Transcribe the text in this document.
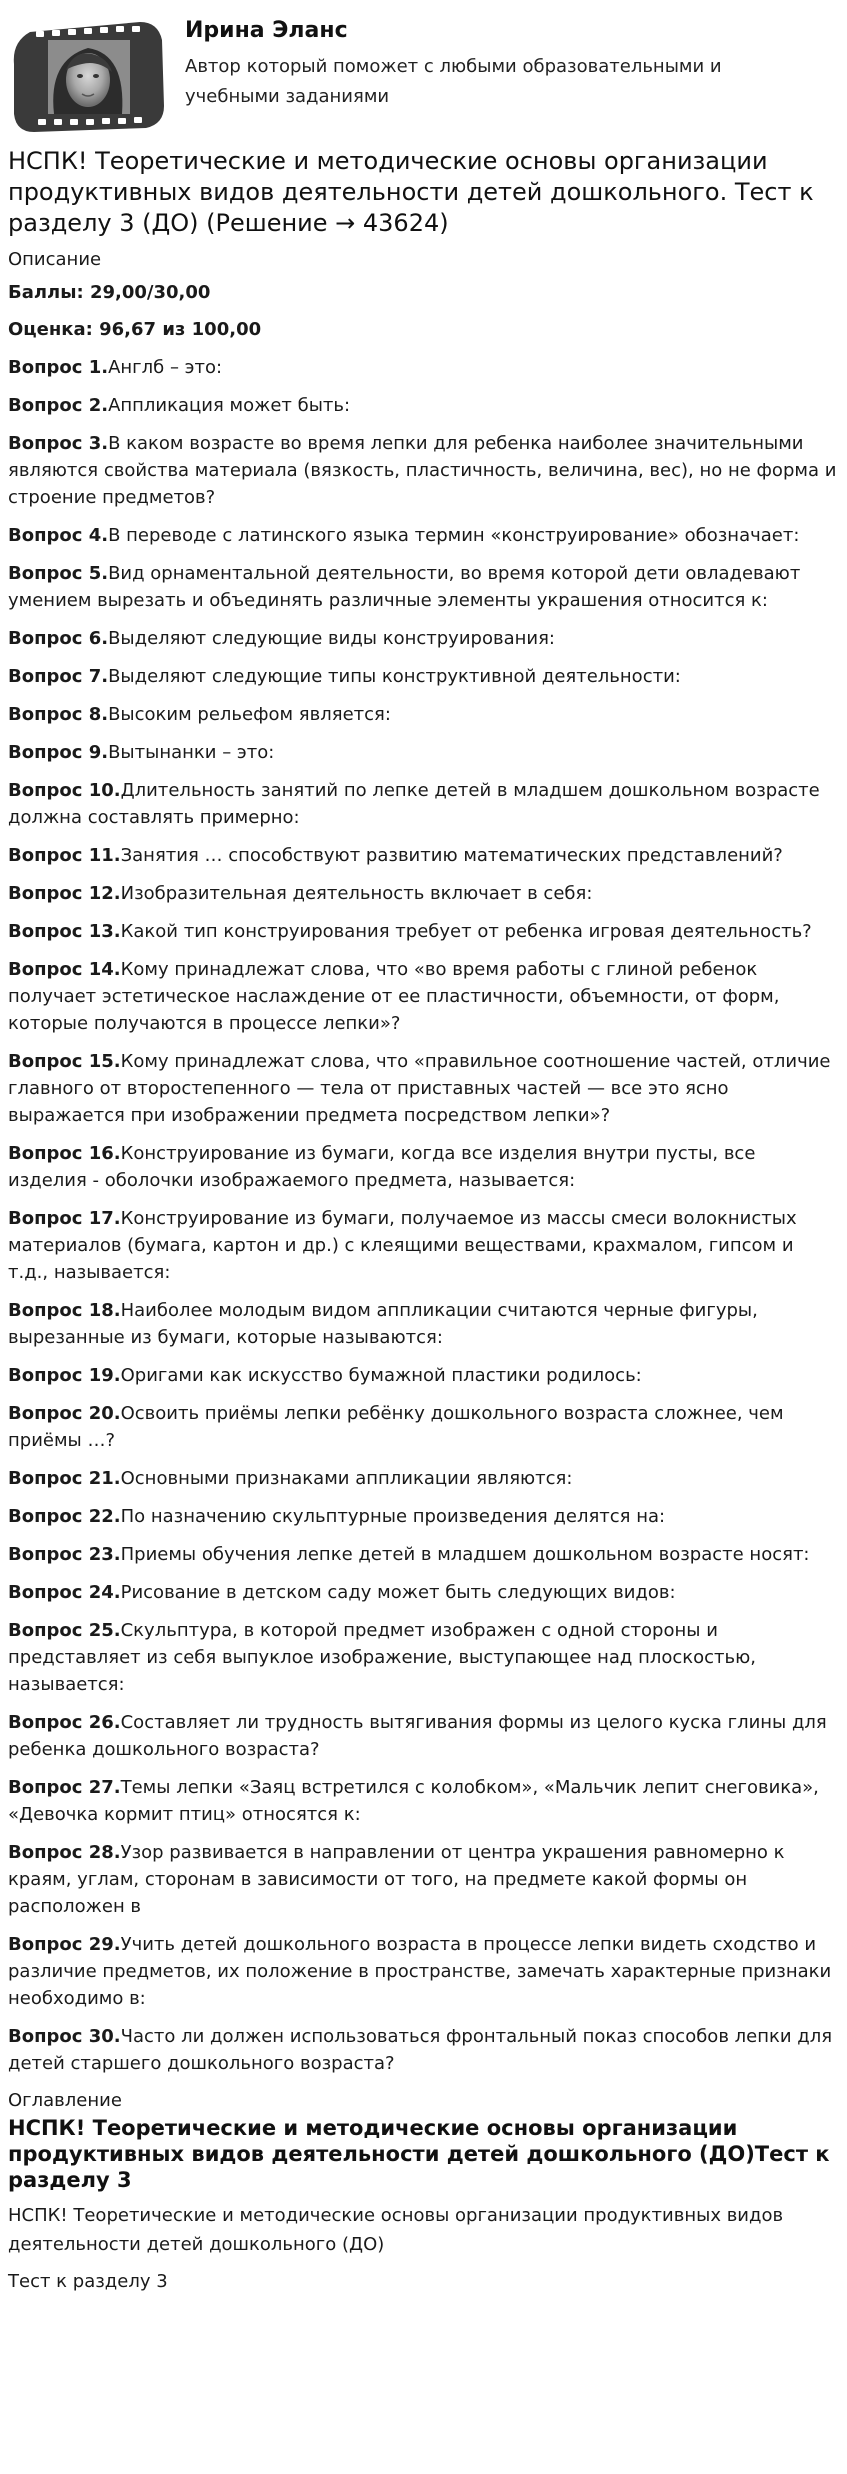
Ирина Эланс
Автор который поможет с любыми образовательными и учебными заданиями
НСПК! Теоретические и методические основы организации продуктивных видов деятельности детей дошкольного. Тест к разделу 3 (ДО) (Решение → 43624)
Описание
Баллы: 29,00/30,00
Оценка: 96,67 из 100,00
Вопрос 1.Англб – это:
Вопрос 2.Аппликация может быть:
Вопрос 3.В каком возрасте во время лепки для ребенка наиболее значительными являются свойства материала (вязкость, пластичность, величина, вес), но не форма и строение предметов?
Вопрос 4.В переводе с латинского языка термин «конструирование» обозначает:
Вопрос 5.Вид орнаментальной деятельности, во время которой дети овладевают умением вырезать и объединять различные элементы украшения относится к:
Вопрос 6.Выделяют следующие виды конструирования:
Вопрос 7.Выделяют следующие типы конструктивной деятельности:
Вопрос 8.Высоким рельефом является:
Вопрос 9.Вытынанки – это:
Вопрос 10.Длительность занятий по лепке детей в младшем дошкольном возрасте должна составлять примерно:
Вопрос 11.Занятия … способствуют развитию математических представлений?
Вопрос 12.Изобразительная деятельность включает в себя:
Вопрос 13.Какой тип конструирования требует от ребенка игровая деятельность?
Вопрос 14.Кому принадлежат слова, что «во время работы с глиной ребенок получает эстетическое наслаждение от ее пластичности, объемности, от форм, которые получаются в процессе лепки»?
Вопрос 15.Кому принадлежат слова, что «правильное соотношение частей, отличие главного от второстепенного — тела от приставных частей — все это ясно выражается при изображении предмета посредством лепки»?
Вопрос 16.Конструирование из бумаги, когда все изделия внутри пусты, все изделия - оболочки изображаемого предмета, называется:
Вопрос 17.Конструирование из бумаги, получаемое из массы смеси волокнистых материалов (бумага, картон и др.) с клеящими веществами, крахмалом, гипсом и т.д., называется:
Вопрос 18.Наиболее молодым видом аппликации считаются черные фигуры, вырезанные из бумаги, которые называются:
Вопрос 19.Оригами как искусство бумажной пластики родилось:
Вопрос 20.Освоить приёмы лепки ребёнку дошкольного возраста сложнее, чем приёмы …?
Вопрос 21.Основными признаками аппликации являются:
Вопрос 22.По назначению скульптурные произведения делятся на:
Вопрос 23.Приемы обучения лепке детей в младшем дошкольном возрасте носят:
Вопрос 24.Рисование в детском саду может быть следующих видов:
Вопрос 25.Скульптура, в которой предмет изображен с одной стороны и представляет из себя выпуклое изображение, выступающее над плоскостью, называется:
Вопрос 26.Составляет ли трудность вытягивания формы из целого куска глины для ребенка дошкольного возраста?
Вопрос 27.Темы лепки «Заяц встретился с колобком», «Мальчик лепит снеговика», «Девочка кормит птиц» относятся к:
Вопрос 28.Узор развивается в направлении от центра украшения равномерно к краям, углам, сторонам в зависимости от того, на предмете какой формы он расположен в
Вопрос 29.Учить детей дошкольного возраста в процессе лепки видеть сходство и различие предметов, их положение в пространстве, замечать характерные признаки необходимо в:
Вопрос 30.Часто ли должен использоваться фронтальный показ способов лепки для детей старшего дошкольного возраста?
Оглавление
НСПК! Теоретические и методические основы организации продуктивных видов деятельности детей дошкольного (ДО)Тест к разделу 3
НСПК! Теоретические и методические основы организации продуктивных видов деятельности детей дошкольного (ДО)
Тест к разделу 3
